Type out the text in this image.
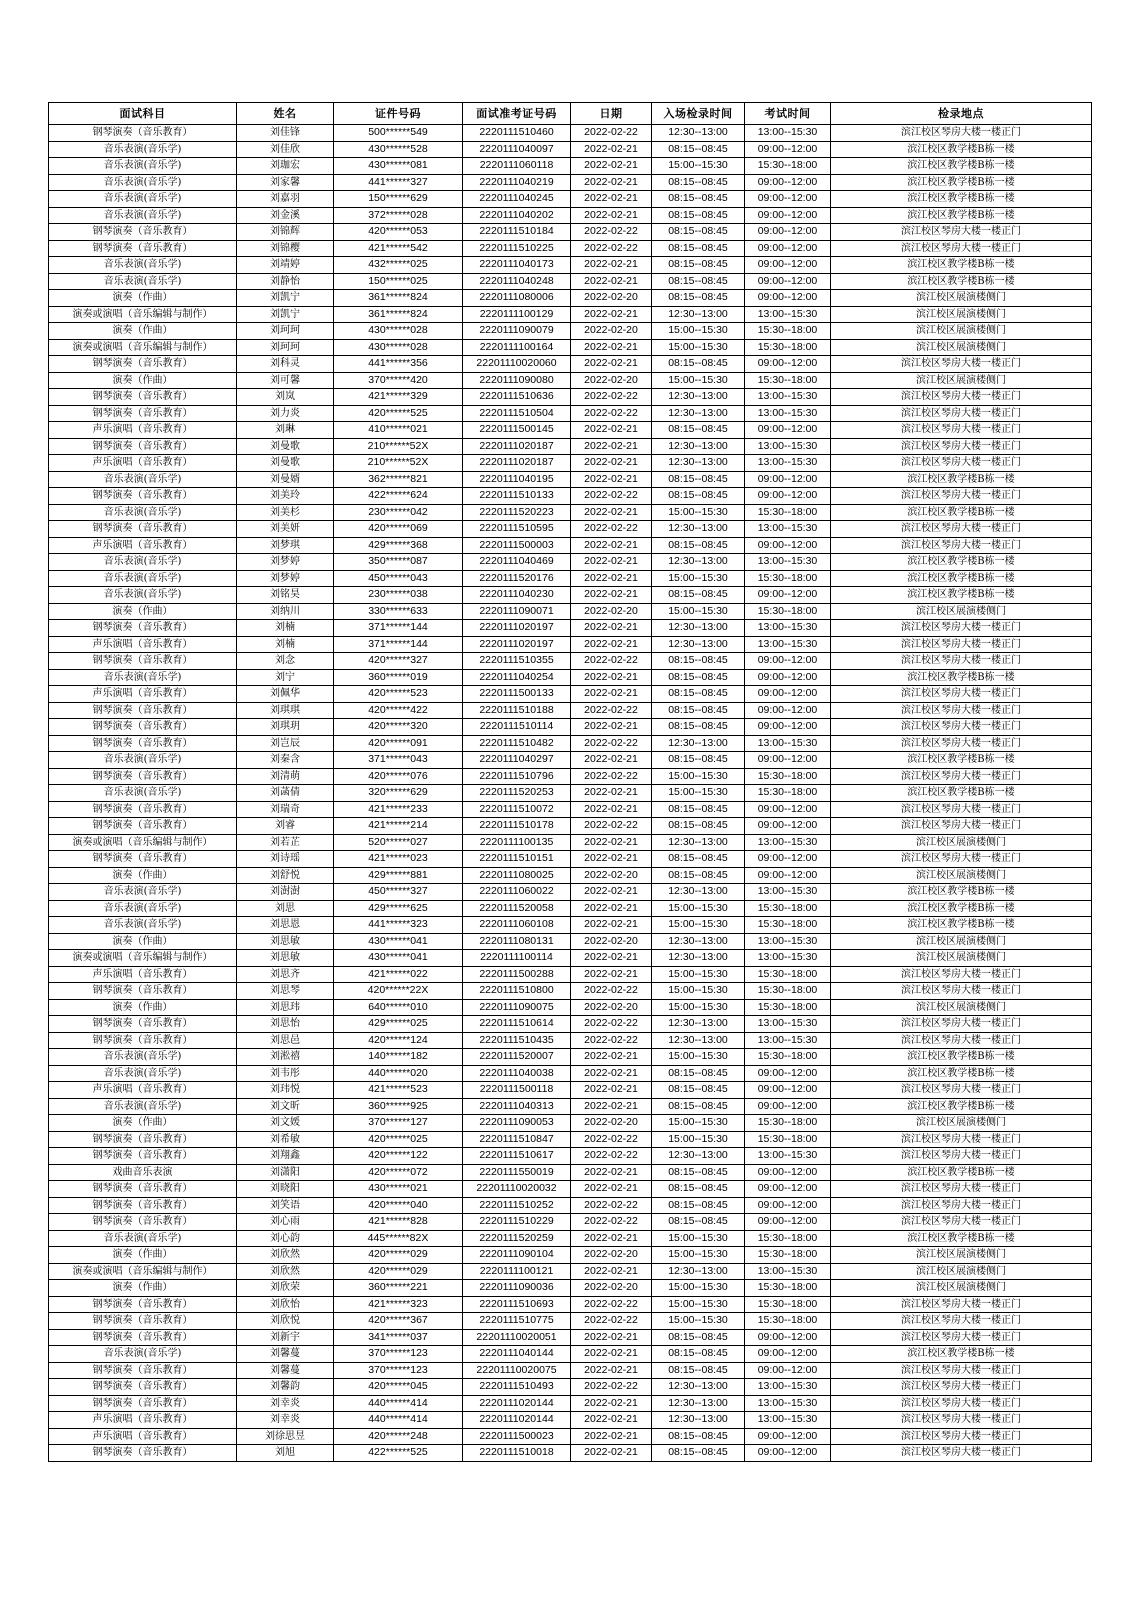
面试科目	姓名	证件号码	面试准考证号码	日期	入场检录时间	考试时间	检录地点
钢琴演奏（音乐教育）	刘佳锋	500******549	2220111510460	2022-02-22	12:30--13:00	13:00--15:30	滨江校区琴房大楼一楼正门
音乐表演(音乐学)	刘佳欣	430******528	2220111040097	2022-02-21	08:15--08:45	09:00--12:00	滨江校区教学楼B栋一楼
音乐表演(音乐学)	刘珈宏	430******081	2220111060118	2022-02-21	15:00--15:30	15:30--18:00	滨江校区教学楼B栋一楼
音乐表演(音乐学)	刘家馨	441******327	2220111040219	2022-02-21	08:15--08:45	09:00--12:00	滨江校区教学楼B栋一楼
音乐表演(音乐学)	刘嘉羽	150******629	2220111040245	2022-02-21	08:15--08:45	09:00--12:00	滨江校区教学楼B栋一楼
音乐表演(音乐学)	刘金溪	372******028	2220111040202	2022-02-21	08:15--08:45	09:00--12:00	滨江校区教学楼B栋一楼
钢琴演奏（音乐教育）	刘锦辉	420******053	2220111510184	2022-02-22	08:15--08:45	09:00--12:00	滨江校区琴房大楼一楼正门
钢琴演奏（音乐教育）	刘锦樱	421******542	2220111510225	2022-02-22	08:15--08:45	09:00--12:00	滨江校区琴房大楼一楼正门
音乐表演(音乐学)	刘靖婷	432******025	2220111040173	2022-02-21	08:15--08:45	09:00--12:00	滨江校区教学楼B栋一楼
音乐表演(音乐学)	刘静怡	150******025	2220111040248	2022-02-21	08:15--08:45	09:00--12:00	滨江校区教学楼B栋一楼
演奏（作曲）	刘凯宁	361******824	2220111080006	2022-02-20	08:15--08:45	09:00--12:00	滨江校区展演楼侧门
演奏或演唱（音乐编辑与制作）	刘凯宁	361******824	2220111100129	2022-02-21	12:30--13:00	13:00--15:30	滨江校区展演楼侧门
演奏（作曲）	刘珂珂	430******028	2220111090079	2022-02-20	15:00--15:30	15:30--18:00	滨江校区展演楼侧门
演奏或演唱（音乐编辑与制作）	刘珂珂	430******028	2220111100164	2022-02-21	15:00--15:30	15:30--18:00	滨江校区展演楼侧门
钢琴演奏（音乐教育）	刘科灵	441******356	22201110020060	2022-02-21	08:15--08:45	09:00--12:00	滨江校区琴房大楼一楼正门
演奏（作曲）	刘可馨	370******420	2220111090080	2022-02-20	15:00--15:30	15:30--18:00	滨江校区展演楼侧门
钢琴演奏（音乐教育）	刘岚	421******329	2220111510636	2022-02-22	12:30--13:00	13:00--15:30	滨江校区琴房大楼一楼正门
钢琴演奏（音乐教育）	刘力炎	420******525	2220111510504	2022-02-22	12:30--13:00	13:00--15:30	滨江校区琴房大楼一楼正门
声乐演唱（音乐教育）	刘琳	410******021	2220111500145	2022-02-21	08:15--08:45	09:00--12:00	滨江校区琴房大楼一楼正门
钢琴演奏（音乐教育）	刘曼歌	210******52X	2220111020187	2022-02-21	12:30--13:00	13:00--15:30	滨江校区琴房大楼一楼正门
声乐演唱（音乐教育）	刘曼歌	210******52X	2220111020187	2022-02-21	12:30--13:00	13:00--15:30	滨江校区琴房大楼一楼正门
音乐表演(音乐学)	刘曼婿	362******821	2220111040195	2022-02-21	08:15--08:45	09:00--12:00	滨江校区教学楼B栋一楼
钢琴演奏（音乐教育）	刘美玲	422******624	2220111510133	2022-02-22	08:15--08:45	09:00--12:00	滨江校区琴房大楼一楼正门
音乐表演(音乐学)	刘美杉	230******042	2220111520223	2022-02-21	15:00--15:30	15:30--18:00	滨江校区教学楼B栋一楼
钢琴演奏（音乐教育）	刘美妍	420******069	2220111510595	2022-02-22	12:30--13:00	13:00--15:30	滨江校区琴房大楼一楼正门
声乐演唱（音乐教育）	刘梦琪	429******368	2220111500003	2022-02-21	08:15--08:45	09:00--12:00	滨江校区琴房大楼一楼正门
音乐表演(音乐学)	刘梦婷	350******087	2220111040469	2022-02-21	12:30--13:00	13:00--15:30	滨江校区教学楼B栋一楼
音乐表演(音乐学)	刘梦婷	450******043	2220111520176	2022-02-21	15:00--15:30	15:30--18:00	滨江校区教学楼B栋一楼
音乐表演(音乐学)	刘铭昊	230******038	2220111040230	2022-02-21	08:15--08:45	09:00--12:00	滨江校区教学楼B栋一楼
演奏（作曲）	刘纳川	330******633	2220111090071	2022-02-20	15:00--15:30	15:30--18:00	滨江校区展演楼侧门
钢琴演奏（音乐教育）	刘楠	371******144	2220111020197	2022-02-21	12:30--13:00	13:00--15:30	滨江校区琴房大楼一楼正门
声乐演唱（音乐教育）	刘楠	371******144	2220111020197	2022-02-21	12:30--13:00	13:00--15:30	滨江校区琴房大楼一楼正门
钢琴演奏（音乐教育）	刘念	420******327	2220111510355	2022-02-22	08:15--08:45	09:00--12:00	滨江校区琴房大楼一楼正门
音乐表演(音乐学)	刘宁	360******019	2220111040254	2022-02-21	08:15--08:45	09:00--12:00	滨江校区教学楼B栋一楼
声乐演唱（音乐教育）	刘佩华	420******523	2220111500133	2022-02-21	08:15--08:45	09:00--12:00	滨江校区琴房大楼一楼正门
钢琴演奏（音乐教育）	刘琪琪	420******422	2220111510188	2022-02-22	08:15--08:45	09:00--12:00	滨江校区琴房大楼一楼正门
钢琴演奏（音乐教育）	刘琪玥	420******320	2220111510114	2022-02-21	08:15--08:45	09:00--12:00	滨江校区琴房大楼一楼正门
钢琴演奏（音乐教育）	刘岂辰	420******091	2220111510482	2022-02-22	12:30--13:00	13:00--15:30	滨江校区琴房大楼一楼正门
音乐表演(音乐学)	刘秦含	371******043	2220111040297	2022-02-21	08:15--08:45	09:00--12:00	滨江校区教学楼B栋一楼
钢琴演奏（音乐教育）	刘清萌	420******076	2220111510796	2022-02-22	15:00--15:30	15:30--18:00	滨江校区琴房大楼一楼正门
音乐表演(音乐学)	刘菡倩	320******629	2220111520253	2022-02-21	15:00--15:30	15:30--18:00	滨江校区教学楼B栋一楼
钢琴演奏（音乐教育）	刘瑞奇	421******233	2220111510072	2022-02-21	08:15--08:45	09:00--12:00	滨江校区琴房大楼一楼正门
钢琴演奏（音乐教育）	刘睿	421******214	2220111510178	2022-02-22	08:15--08:45	09:00--12:00	滨江校区琴房大楼一楼正门
演奏或演唱（音乐编辑与制作）	刘若芷	520******027	2220111100135	2022-02-21	12:30--13:00	13:00--15:30	滨江校区展演楼侧门
钢琴演奏（音乐教育）	刘诗瑶	421******023	2220111510151	2022-02-21	08:15--08:45	09:00--12:00	滨江校区琴房大楼一楼正门
演奏（作曲）	刘舒悦	429******881	2220111080025	2022-02-20	08:15--08:45	09:00--12:00	滨江校区展演楼侧门
音乐表演(音乐学)	刘澍澍	450******327	2220111060022	2022-02-21	12:30--13:00	13:00--15:30	滨江校区教学楼B栋一楼
音乐表演(音乐学)	刘思	429******625	2220111520058	2022-02-21	15:00--15:30	15:30--18:00	滨江校区教学楼B栋一楼
音乐表演(音乐学)	刘思恩	441******323	2220111060108	2022-02-21	15:00--15:30	15:30--18:00	滨江校区教学楼B栋一楼
演奏（作曲）	刘思敏	430******041	2220111080131	2022-02-20	12:30--13:00	13:00--15:30	滨江校区展演楼侧门
演奏或演唱（音乐编辑与制作）	刘思敏	430******041	2220111100114	2022-02-21	12:30--13:00	13:00--15:30	滨江校区展演楼侧门
声乐演唱（音乐教育）	刘思齐	421******022	2220111500288	2022-02-21	15:00--15:30	15:30--18:00	滨江校区琴房大楼一楼正门
钢琴演奏（音乐教育）	刘思琴	420******22X	2220111510800	2022-02-22	15:00--15:30	15:30--18:00	滨江校区琴房大楼一楼正门
演奏（作曲）	刘思玮	640******010	2220111090075	2022-02-20	15:00--15:30	15:30--18:00	滨江校区展演楼侧门
钢琴演奏（音乐教育）	刘思怡	429******025	2220111510614	2022-02-22	12:30--13:00	13:00--15:30	滨江校区琴房大楼一楼正门
钢琴演奏（音乐教育）	刘思邑	420******124	2220111510435	2022-02-22	12:30--13:00	13:00--15:30	滨江校区琴房大楼一楼正门
音乐表演(音乐学)	刘淞禧	140******182	2220111520007	2022-02-21	15:00--15:30	15:30--18:00	滨江校区教学楼B栋一楼
音乐表演(音乐学)	刘韦彤	440******020	2220111040038	2022-02-21	08:15--08:45	09:00--12:00	滨江校区教学楼B栋一楼
声乐演唱（音乐教育）	刘玮悦	421******523	2220111500118	2022-02-21	08:15--08:45	09:00--12:00	滨江校区琴房大楼一楼正门
音乐表演(音乐学)	刘文昕	360******925	2220111040313	2022-02-21	08:15--08:45	09:00--12:00	滨江校区教学楼B栋一楼
演奏（作曲）	刘文媛	370******127	2220111090053	2022-02-20	15:00--15:30	15:30--18:00	滨江校区展演楼侧门
钢琴演奏（音乐教育）	刘希敏	420******025	2220111510847	2022-02-22	15:00--15:30	15:30--18:00	滨江校区琴房大楼一楼正门
钢琴演奏（音乐教育）	刘翔鑫	420******122	2220111510617	2022-02-22	12:30--13:00	13:00--15:30	滨江校区琴房大楼一楼正门
戏曲音乐表演	刘潇阳	420******072	2220111550019	2022-02-21	08:15--08:45	09:00--12:00	滨江校区教学楼B栋一楼
钢琴演奏（音乐教育）	刘晓阳	430******021	22201110020032	2022-02-21	08:15--08:45	09:00--12:00	滨江校区琴房大楼一楼正门
钢琴演奏（音乐教育）	刘笑语	420******040	2220111510252	2022-02-22	08:15--08:45	09:00--12:00	滨江校区琴房大楼一楼正门
钢琴演奏（音乐教育）	刘心雨	421******828	2220111510229	2022-02-22	08:15--08:45	09:00--12:00	滨江校区琴房大楼一楼正门
音乐表演(音乐学)	刘心韵	445******82X	2220111520259	2022-02-21	15:00--15:30	15:30--18:00	滨江校区教学楼B栋一楼
演奏（作曲）	刘欣然	420******029	2220111090104	2022-02-20	15:00--15:30	15:30--18:00	滨江校区展演楼侧门
演奏或演唱（音乐编辑与制作）	刘欣然	420******029	2220111100121	2022-02-21	12:30--13:00	13:00--15:30	滨江校区展演楼侧门
演奏（作曲）	刘欣荣	360******221	2220111090036	2022-02-20	15:00--15:30	15:30--18:00	滨江校区展演楼侧门
钢琴演奏（音乐教育）	刘欣怡	421******323	2220111510693	2022-02-22	15:00--15:30	15:30--18:00	滨江校区琴房大楼一楼正门
钢琴演奏（音乐教育）	刘欣悦	420******367	2220111510775	2022-02-22	15:00--15:30	15:30--18:00	滨江校区琴房大楼一楼正门
钢琴演奏（音乐教育）	刘新宇	341******037	22201110020051	2022-02-21	08:15--08:45	09:00--12:00	滨江校区琴房大楼一楼正门
音乐表演(音乐学)	刘馨蔓	370******123	2220111040144	2022-02-21	08:15--08:45	09:00--12:00	滨江校区教学楼B栋一楼
钢琴演奏（音乐教育）	刘馨蔓	370******123	22201110020075	2022-02-21	08:15--08:45	09:00--12:00	滨江校区琴房大楼一楼正门
钢琴演奏（音乐教育）	刘馨韵	420******045	2220111510493	2022-02-22	12:30--13:00	13:00--15:30	滨江校区琴房大楼一楼正门
钢琴演奏（音乐教育）	刘幸炎	440******414	2220111020144	2022-02-21	12:30--13:00	13:00--15:30	滨江校区琴房大楼一楼正门
声乐演唱（音乐教育）	刘幸炎	440******414	2220111020144	2022-02-21	12:30--13:00	13:00--15:30	滨江校区琴房大楼一楼正门
声乐演唱（音乐教育）	刘徐思昱	420******248	2220111500023	2022-02-21	08:15--08:45	09:00--12:00	滨江校区琴房大楼一楼正门
钢琴演奏（音乐教育）	刘旭	422******525	2220111510018	2022-02-21	08:15--08:45	09:00--12:00	滨江校区琴房大楼一楼正门
